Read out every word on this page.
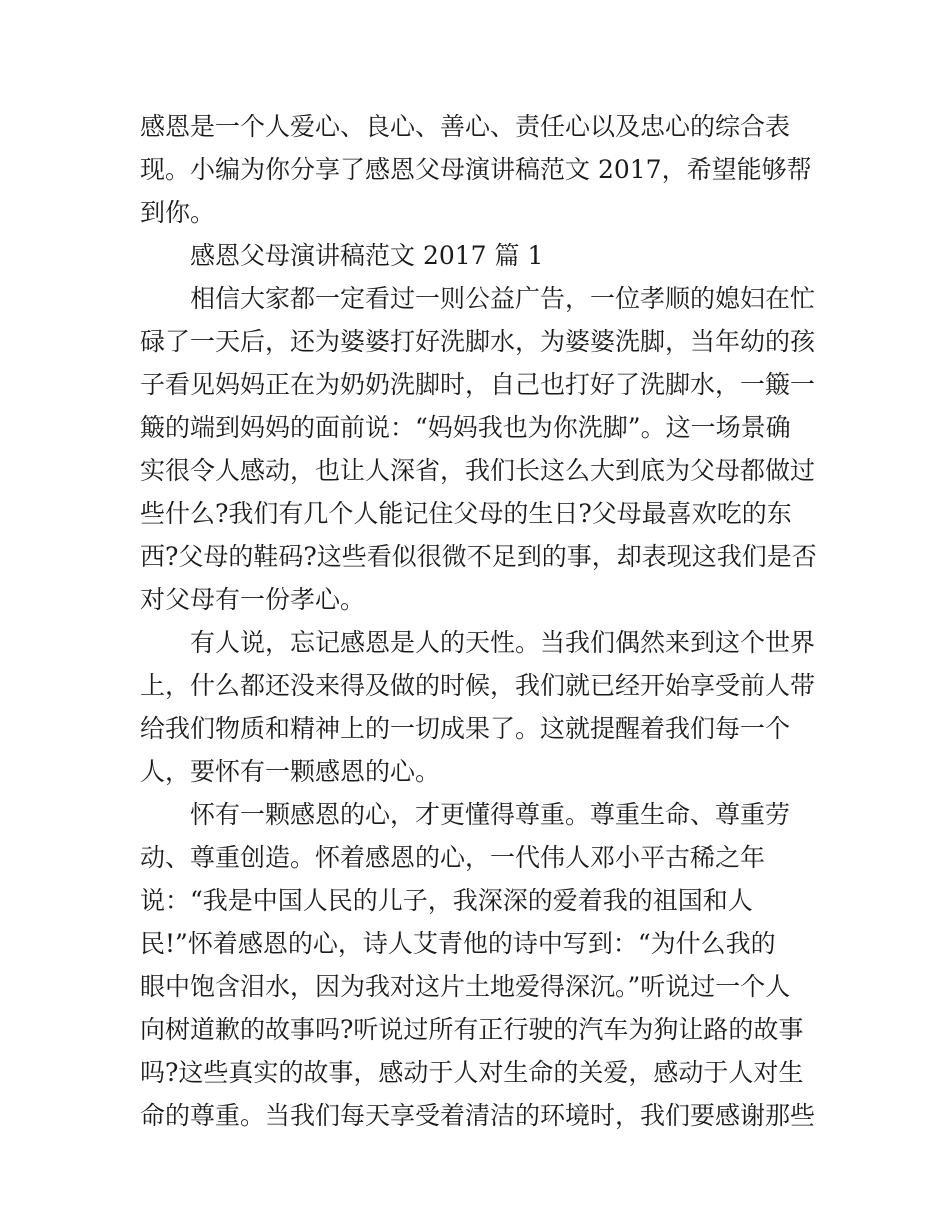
感恩是一个人爱心、良心、善心、责任心以及忠心的综合表
现。小编为你分享了感恩父母演讲稿范文 2017，希望能够帮
到你。
感恩父母演讲稿范文 2017 篇 1
相信大家都一定看过一则公益广告，一位孝顺的媳妇在忙
碌了一天后，还为婆婆打好洗脚水，为婆婆洗脚，当年幼的孩
子看见妈妈正在为奶奶洗脚时，自己也打好了洗脚水，一簸一
簸的端到妈妈的面前说：“妈妈我也为你洗脚”。这一场景确
实很令人感动，也让人深省，我们长这么大到底为父母都做过
些什么?我们有几个人能记住父母的生日?父母最喜欢吃的东
西?父母的鞋码?这些看似很微不足到的事，却表现这我们是否
对父母有一份孝心。
有人说，忘记感恩是人的天性。当我们偶然来到这个世界
上，什么都还没来得及做的时候，我们就已经开始享受前人带
给我们物质和精神上的一切成果了。这就提醒着我们每一个
人，要怀有一颗感恩的心。
怀有一颗感恩的心，才更懂得尊重。尊重生命、尊重劳
动、尊重创造。怀着感恩的心，一代伟人邓小平古稀之年
说：“我是中国人民的儿子，我深深的爱着我的祖国和人
民!”怀着感恩的心，诗人艾青他的诗中写到：“为什么我的
眼中饱含泪水，因为我对这片土地爱得深沉。”听说过一个人
向树道歉的故事吗?听说过所有正行驶的汽车为狗让路的故事
吗?这些真实的故事，感动于人对生命的关爱，感动于人对生
命的尊重。当我们每天享受着清洁的环境时，我们要感谢那些
